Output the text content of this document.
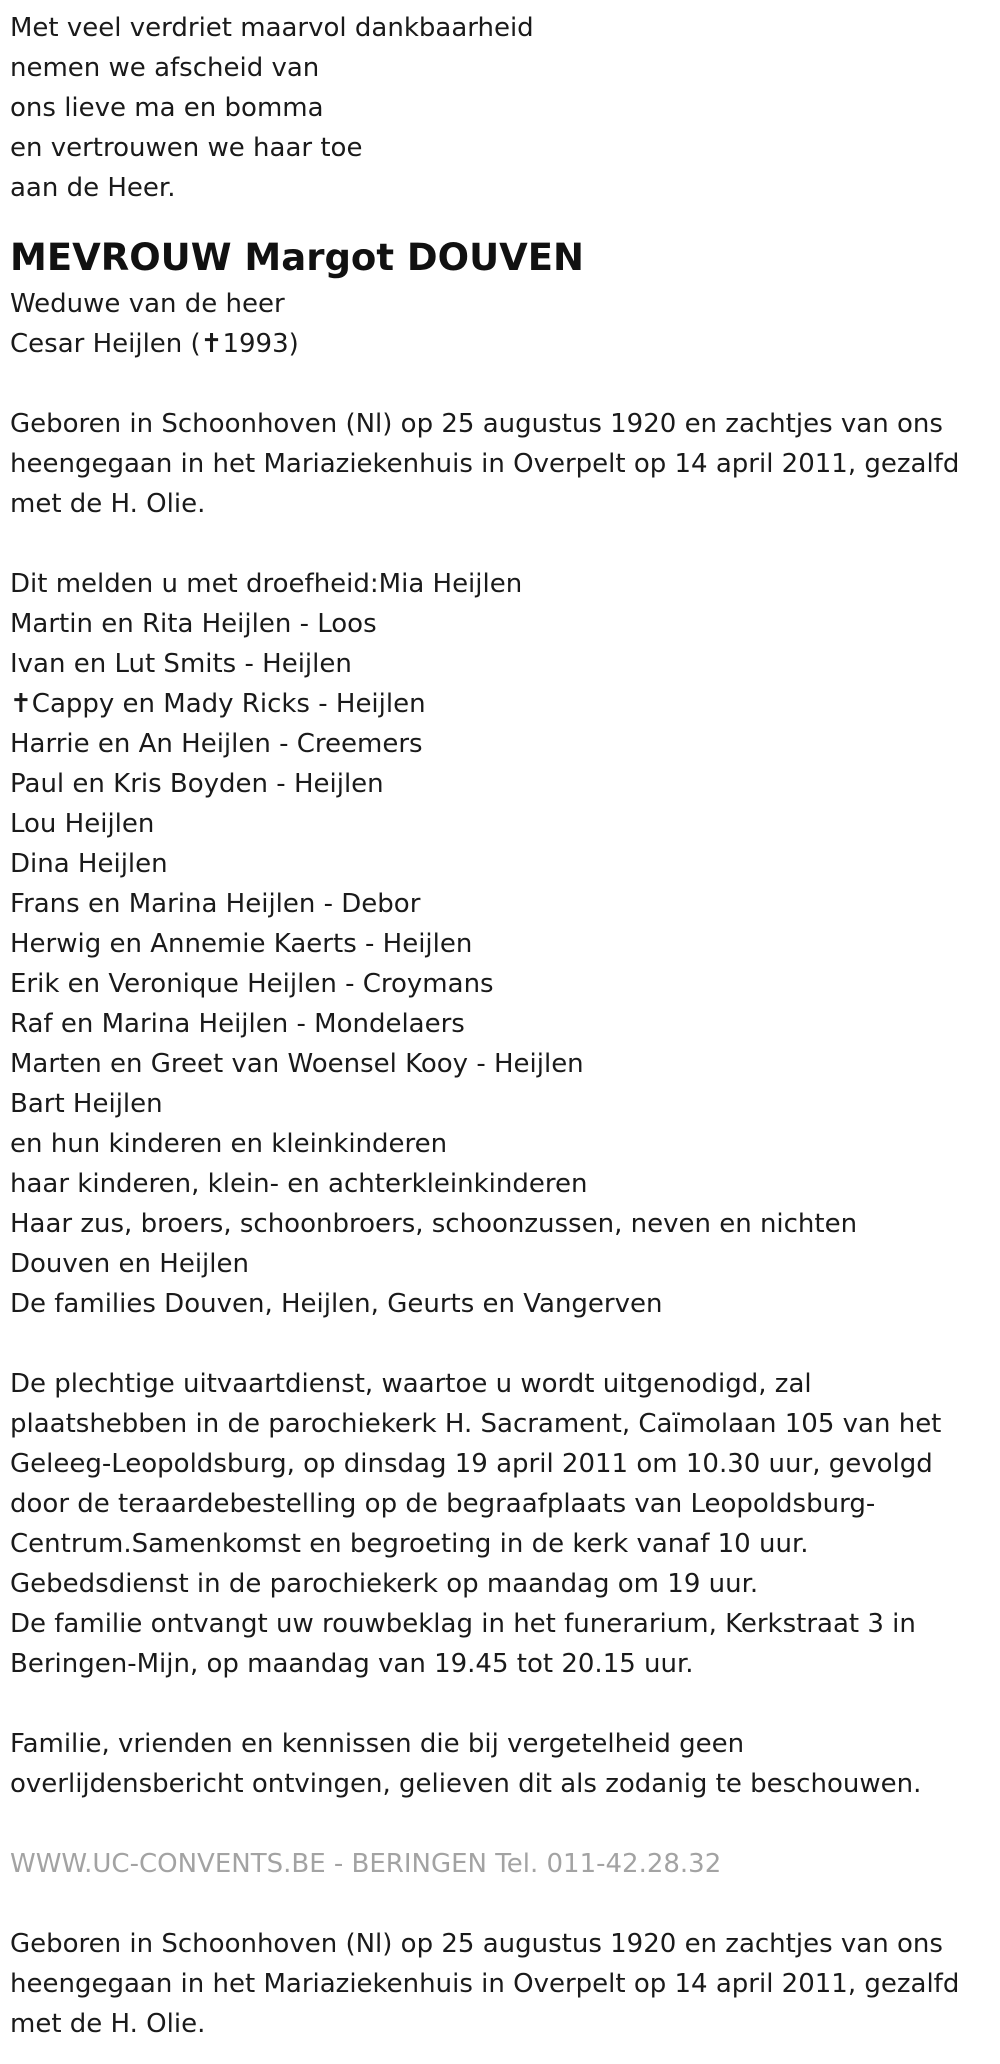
Met veel verdriet maarvol dankbaarheid
nemen we afscheid van
ons lieve ma en bomma
en vertrouwen we haar toe
aan de Heer.
MEVROUW Margot DOUVEN
Weduwe van de heer
Cesar Heijlen (✝1993)
Geboren in Schoonhoven (Nl) op 25 augustus 1920 en zachtjes van ons
heengegaan in het Mariaziekenhuis in Overpelt op 14 april 2011, gezalfd
met de H. Olie.
Dit melden u met droefheid:Mia Heijlen
Martin en Rita Heijlen - Loos
Ivan en Lut Smits - Heijlen
✝Cappy en Mady Ricks - Heijlen
Harrie en An Heijlen - Creemers
Paul en Kris Boyden - Heijlen
Lou Heijlen
Dina Heijlen
Frans en Marina Heijlen - Debor
Herwig en Annemie Kaerts - Heijlen
Erik en Veronique Heijlen - Croymans
Raf en Marina Heijlen - Mondelaers
Marten en Greet van Woensel Kooy - Heijlen
Bart Heijlen
en hun kinderen en kleinkinderen
haar kinderen, klein- en achterkleinkinderen
Haar zus, broers, schoonbroers, schoonzussen, neven en nichten
Douven en Heijlen
De families Douven, Heijlen, Geurts en Vangerven
De plechtige uitvaartdienst, waartoe u wordt uitgenodigd, zal
plaatshebben in de parochiekerk H. Sacrament, Caïmolaan 105 van het
Geleeg-Leopoldsburg, op dinsdag 19 april 2011 om 10.30 uur, gevolgd
door de teraardebestelling op de begraafplaats van Leopoldsburg-
Centrum.Samenkomst en begroeting in de kerk vanaf 10 uur.
Gebedsdienst in de parochiekerk op maandag om 19 uur.
De familie ontvangt uw rouwbeklag in het funerarium, Kerkstraat 3 in
Beringen-Mijn, op maandag van 19.45 tot 20.15 uur.
Familie, vrienden en kennissen die bij vergetelheid geen
overlijdensbericht ontvingen, gelieven dit als zodanig te beschouwen.
WWW.UC-CONVENTS.BE - BERINGEN Tel. 011-42.28.32
Geboren in Schoonhoven (Nl) op 25 augustus 1920 en zachtjes van ons
heengegaan in het Mariaziekenhuis in Overpelt op 14 april 2011, gezalfd
met de H. Olie.
